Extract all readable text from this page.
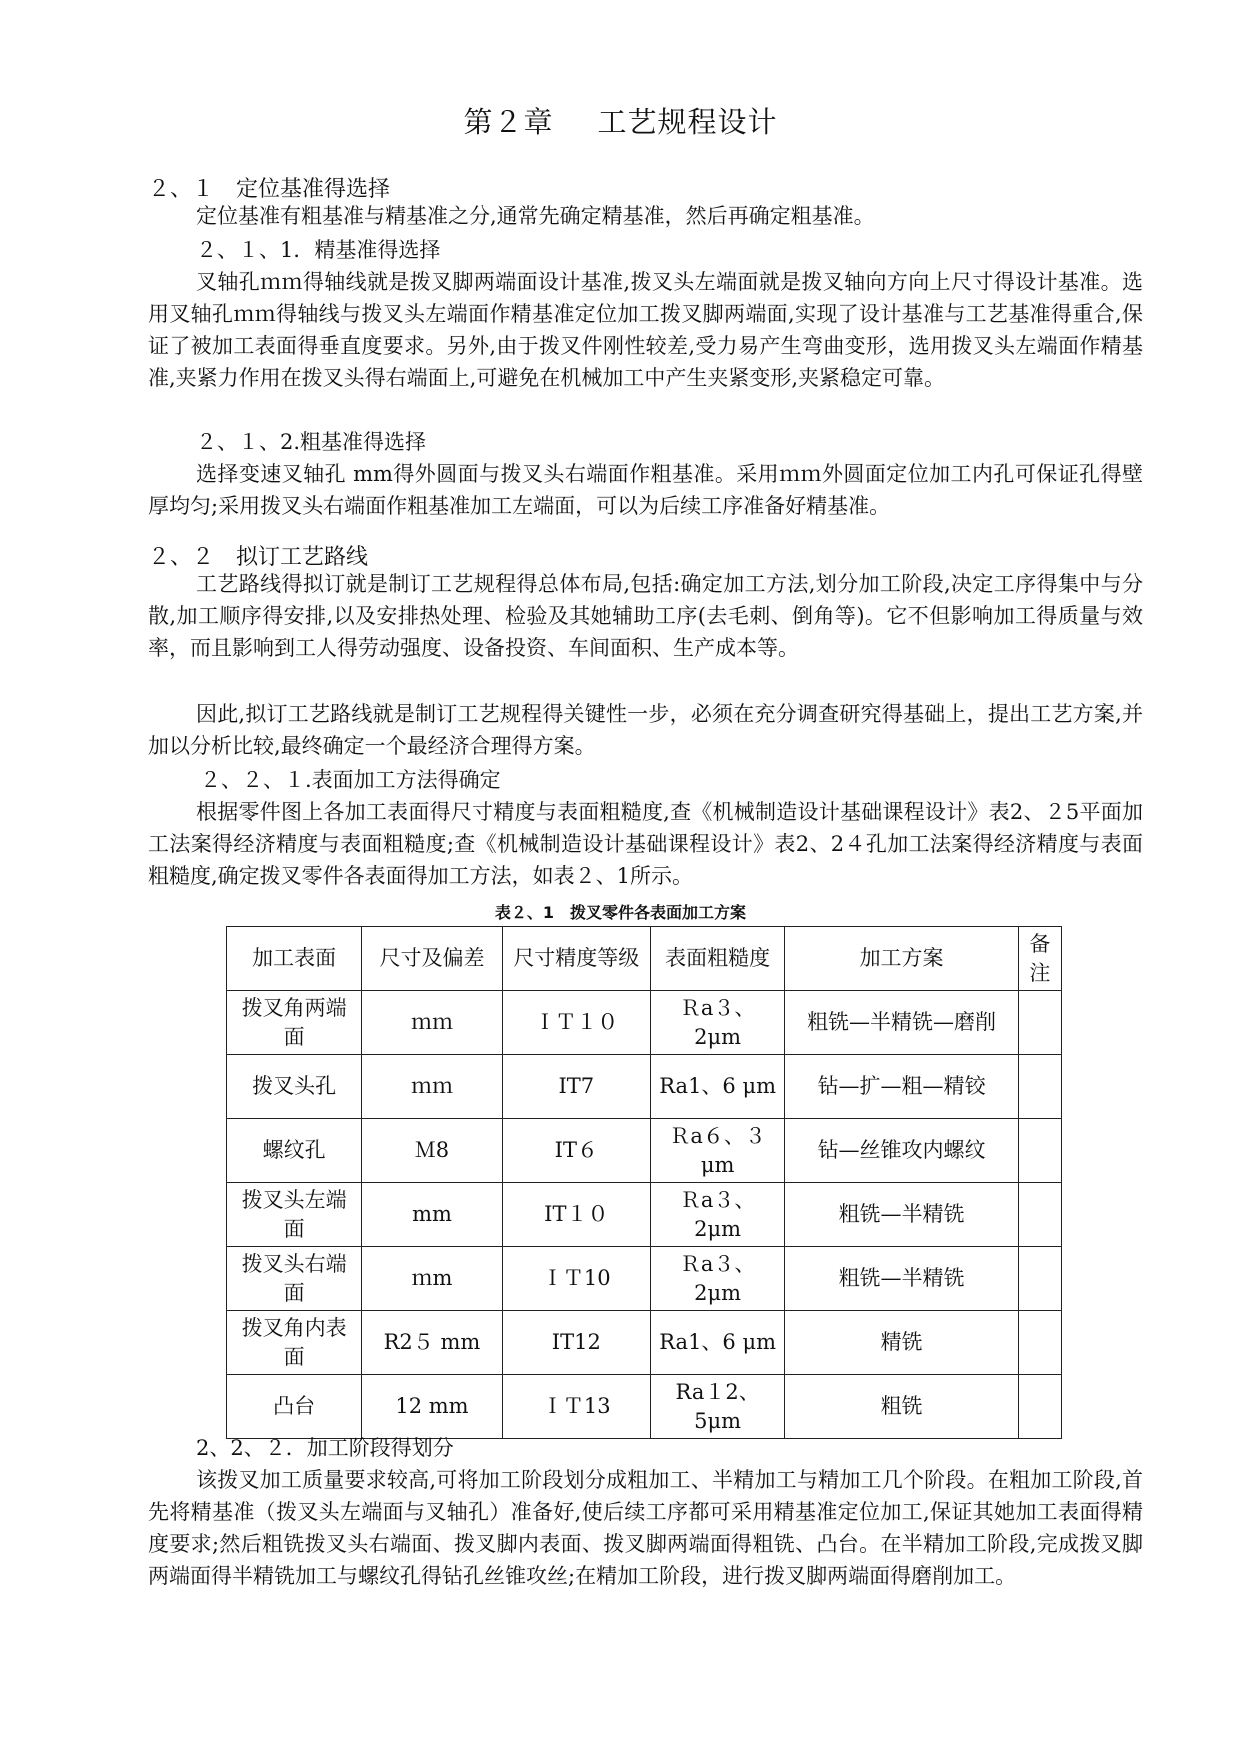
第２章 工艺规程设计
２、１ 定位基准得选择

定位基准有粗基准与精基准之分,通常先确定精基准，然后再确定粗基准。

２、１、1．精基准得选择

叉轴孔ｍｍ得轴线就是拨叉脚两端面设计基准,拨叉头左端面就是拨叉轴向方向上尺寸得设计基准。选用叉轴孔ｍｍ得轴线与拨叉头左端面作精基准定位加工拨叉脚两端面,实现了设计基准与工艺基准得重合,保证了被加工表面得垂直度要求。另外,由于拨叉件刚性较差,受力易产生弯曲变形，选用拨叉头左端面作精基准,夹紧力作用在拨叉头得右端面上,可避免在机械加工中产生夹紧变形,夹紧稳定可靠。

２、１、2.粗基准得选择

选择变速叉轴孔 mm得外圆面与拨叉头右端面作粗基准。采用ｍｍ外圆面定位加工内孔可保证孔得壁厚均匀;采用拨叉头右端面作粗基准加工左端面，可以为后续工序准备好精基准。

２、２ 拟订工艺路线

工艺路线得拟订就是制订工艺规程得总体布局,包括:确定加工方法,划分加工阶段,决定工序得集中与分散,加工顺序得安排,以及安排热处理、检验及其她辅助工序(去毛刺、倒角等)。它不但影响加工得质量与效率，而且影响到工人得劳动强度、设备投资、车间面积、生产成本等。

因此,拟订工艺路线就是制订工艺规程得关键性一步，必须在充分调查研究得基础上，提出工艺方案,并加以分析比较,最终确定一个最经济合理得方案。

２、２、１.表面加工方法得确定

根据零件图上各加工表面得尺寸精度与表面粗糙度,查《机械制造设计基础课程设计》表2、２5平面加工法案得经济精度与表面粗糙度;查《机械制造设计基础课程设计》表2、2４孔加工法案得经济精度与表面粗糙度,确定拨叉零件各表面得加工方法，如表２、1所示。

表２、1　拨叉零件各表面加工方案
加工表面	尺寸及偏差	尺寸精度等级	表面粗糙度	加工方案	备注
拨叉角两端面	ｍｍ	ＩＴ１０	Ｒa３、2μm	粗铣—半精铣—磨削	
拨叉头孔	ｍｍ	IT7	Ra1、6 μm	钻—扩—粗—精铰	
螺纹孔	Ｍ8	IT６	Ｒa６、３μm	钻—丝锥攻内螺纹	
拨叉头左端面	mm	IT１０	Ｒa３、2μm	粗铣—半精铣	
拨叉头右端面	ｍm	ＩＴ10	Ｒa３、2μm	粗铣—半精铣	
拨叉角内表面	R2５ mm	IT12	Ra1、6 μm	精铣	
凸台	12 mm	ＩＴ13	Ra１2、5μm	粗铣	
2、2、２．加工阶段得划分

该拨叉加工质量要求较高,可将加工阶段划分成粗加工、半精加工与精加工几个阶段。在粗加工阶段,首先将精基准（拨叉头左端面与叉轴孔）准备好,使后续工序都可采用精基准定位加工,保证其她加工表面得精度要求;然后粗铣拨叉头右端面、拨叉脚内表面、拨叉脚两端面得粗铣、凸台。在半精加工阶段,完成拨叉脚两端面得半精铣加工与螺纹孔得钻孔丝锥攻丝;在精加工阶段，进行拨叉脚两端面得磨削加工。
